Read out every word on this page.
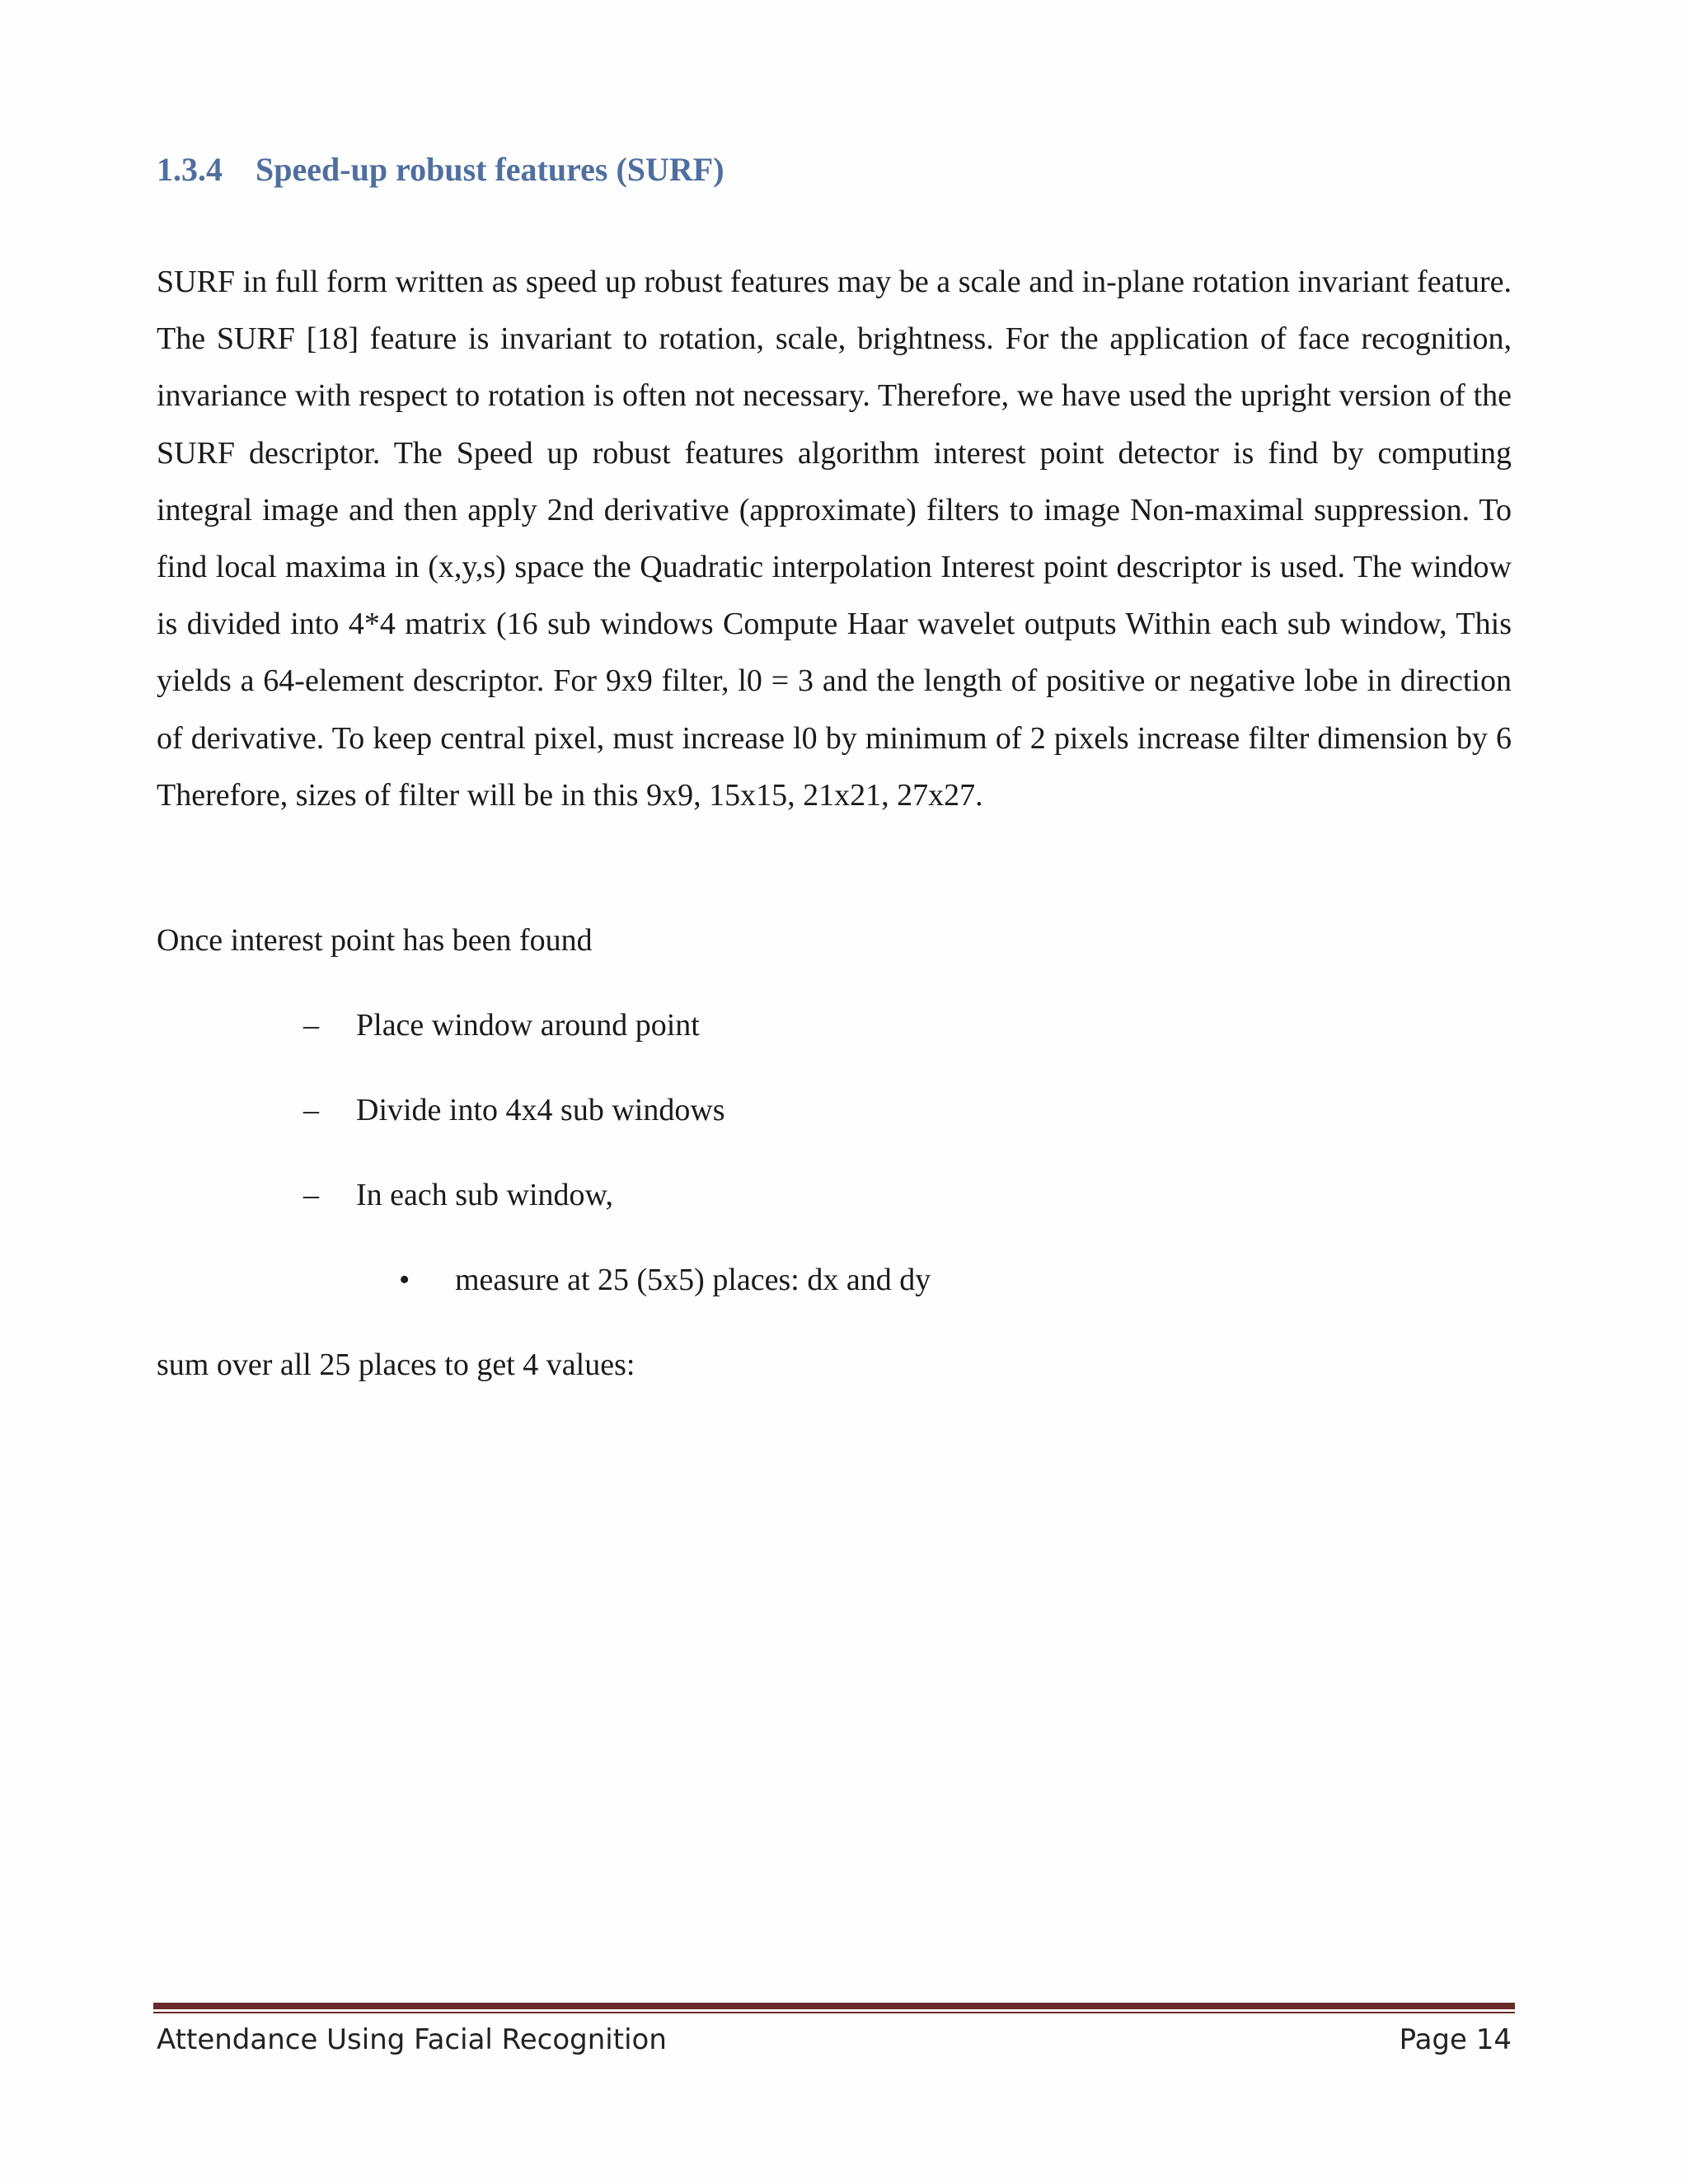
1.3.4 Speed-up robust features (SURF)

SURF in full form written as speed up robust features may be a scale and in-plane rotation invariant feature. The SURF [18] feature is invariant to rotation, scale, brightness. For the application of face recognition, invariance with respect to rotation is often not necessary. Therefore, we have used the upright version of the SURF descriptor. The Speed up robust features algorithm interest point detector is find by computing integral image and then apply 2nd derivative (approximate) filters to image Non-maximal suppression. To find local maxima in (x,y,s) space the Quadratic interpolation Interest point descriptor is used. The window is divided into 4*4 matrix (16 sub windows Compute Haar wavelet outputs Within each sub window, This yields a 64-element descriptor. For 9x9 filter, l0 = 3 and the length of positive or negative lobe in direction of derivative. To keep central pixel, must increase l0 by minimum of 2 pixels increase filter dimension by 6 Therefore, sizes of filter will be in this 9x9, 15x15, 21x21, 27x27.

Once interest point has been found

– Place window around point

– Divide into 4x4 sub windows

– In each sub window,

• measure at 25 (5x5) places: dx and dy

sum over all 25 places to get 4 values:

Attendance Using Facial Recognition	Page 14
